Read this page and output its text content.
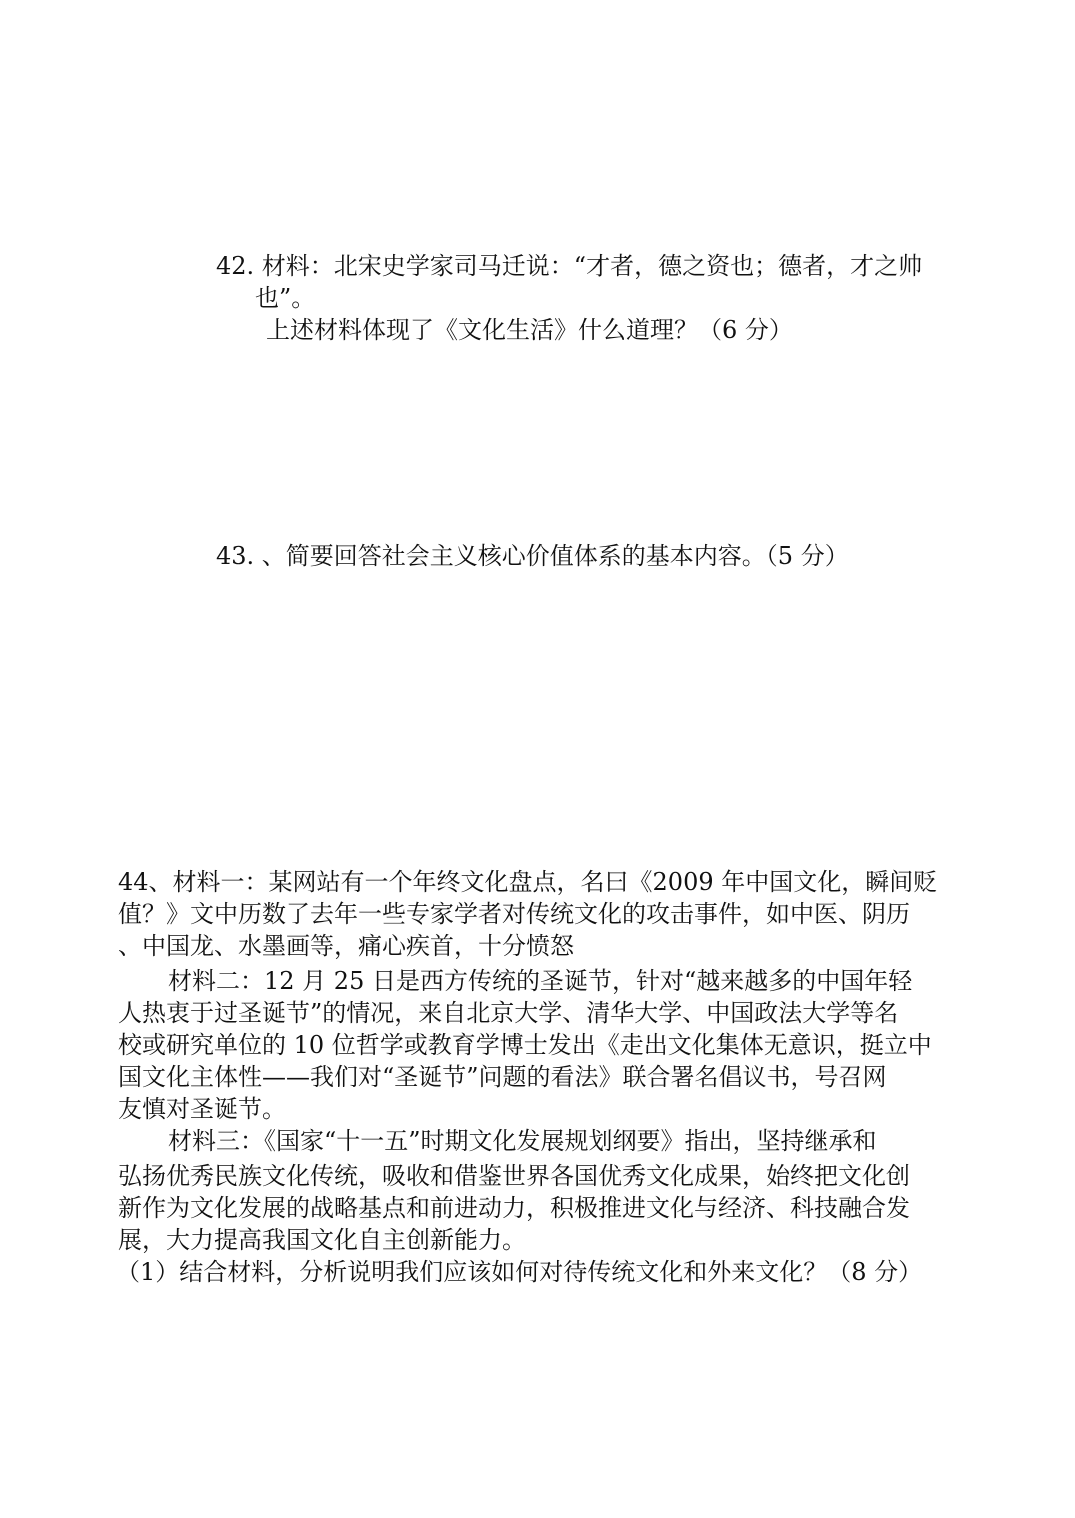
42. 材料：北宋史学家司马迁说：“才者，德之资也；德者，才之帅

也”。

上述材料体现了《文化生活》什么道理？（6 分）

43. 、简要回答社会主义核心价值体系的基本内容。（5 分）

44、材料一：某网站有一个年终文化盘点，名曰《2009 年中国文化，瞬间贬

值？》文中历数了去年一些专家学者对传统文化的攻击事件，如中医、阴历

、中国龙、水墨画等，痛心疾首，十分愤怒

材料二：12 月 25 日是西方传统的圣诞节，针对“越来越多的中国年轻

人热衷于过圣诞节”的情况，来自北京大学、清华大学、中国政法大学等名

校或研究单位的 10 位哲学或教育学博士发出《走出文化集体无意识，挺立中

国文化主体性——我们对“圣诞节”问题的看法》联合署名倡议书，号召网

友慎对圣诞节。

材料三：《国家“十一五”时期文化发展规划纲要》指出，坚持继承和

弘扬优秀民族文化传统，吸收和借鉴世界各国优秀文化成果，始终把文化创

新作为文化发展的战略基点和前进动力，积极推进文化与经济、科技融合发

展，大力提高我国文化自主创新能力。

（1）结合材料，分析说明我们应该如何对待传统文化和外来文化？（8 分）
